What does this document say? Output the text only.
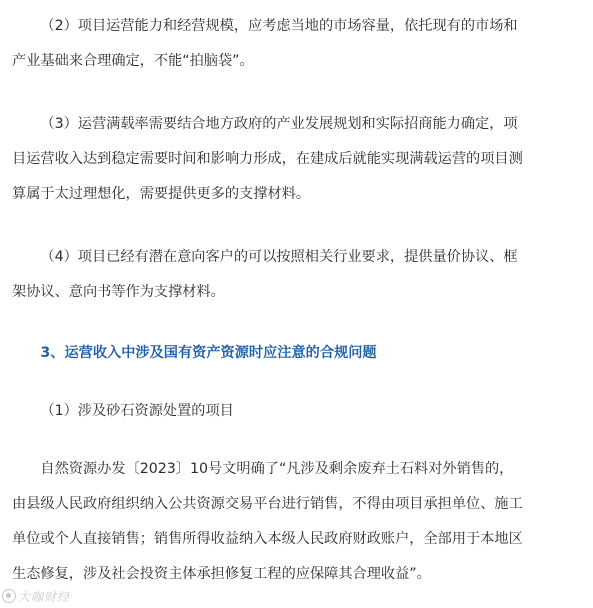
（2）项目运营能力和经营规模，应考虑当地的市场容量，依托现有的市场和
产业基础来合理确定，不能“拍脑袋”。
（3）运营满载率需要结合地方政府的产业发展规划和实际招商能力确定，项
目运营收入达到稳定需要时间和影响力形成，在建成后就能实现满载运营的项目测
算属于太过理想化，需要提供更多的支撑材料。
（4）项目已经有潜在意向客户的可以按照相关行业要求，提供量价协议、框
架协议、意向书等作为支撑材料。

3、运营收入中涉及国有资产资源时应注意的合规问题

（1）涉及砂石资源处置的项目

自然资源办发〔2023〕10号文明确了“凡涉及剩余废弃土石料对外销售的，
由县级人民政府组织纳入公共资源交易平台进行销售，不得由项目承担单位、施工
单位或个人直接销售；销售所得收益纳入本级人民政府财政账户，全部用于本地区
生态修复，涉及社会投资主体承担修复工程的应保障其合理收益”。
大咖财经
